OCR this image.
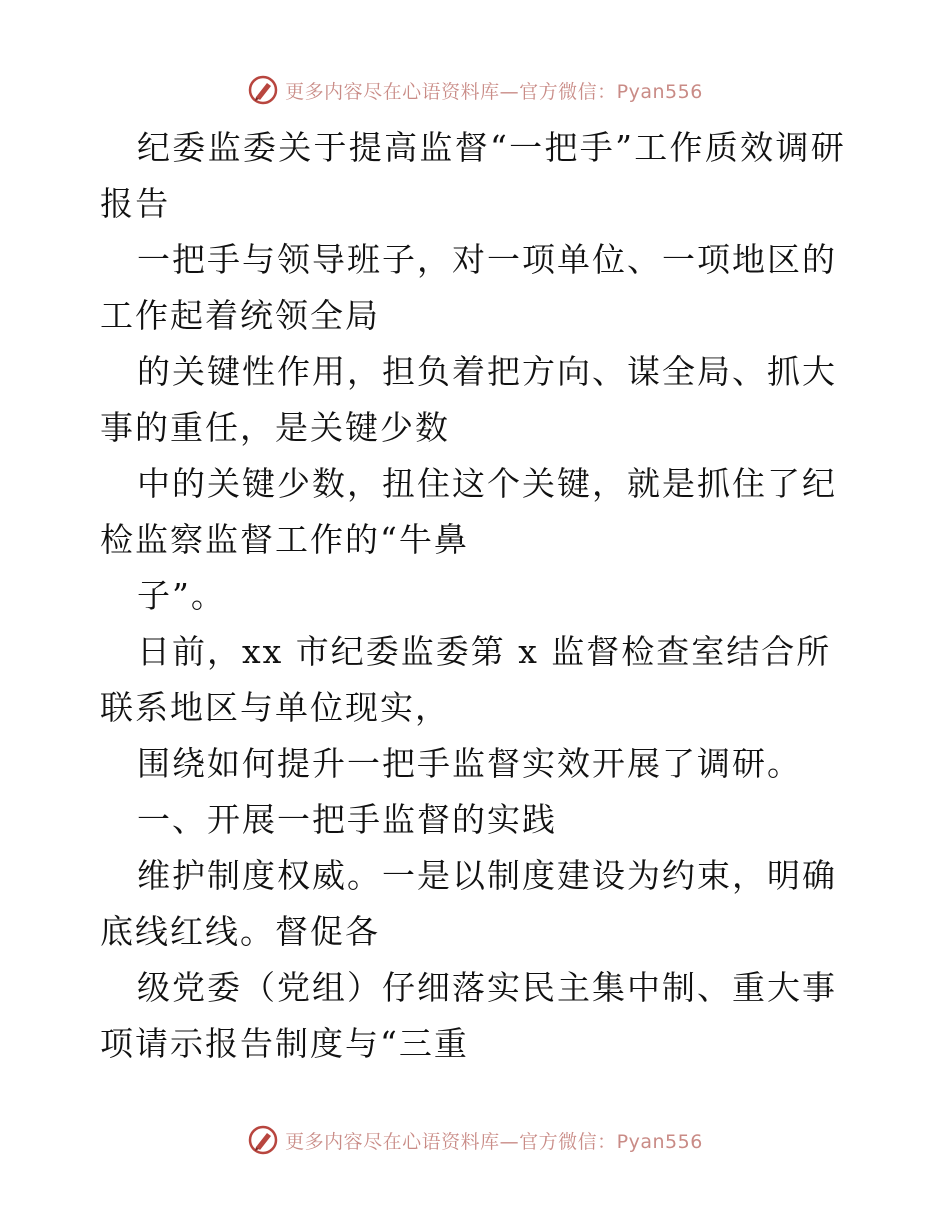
更多内容尽在心语资料库—官方微信：Pyan556

纪委监委关于提高监督“一把手”工作质效调研报告

一把手与领导班子，对一项单位、一项地区的工作起着统领全局

的关键性作用，担负着把方向、谋全局、抓大事的重任，是关键少数

中的关键少数，扭住这个关键，就是抓住了纪检监察监督工作的“牛鼻

子”。

日前，xx 市纪委监委第 x 监督检查室结合所联系地区与单位现实，

围绕如何提升一把手监督实效开展了调研。

一、开展一把手监督的实践

维护制度权威。一是以制度建设为约束，明确底线红线。督促各

级党委（党组）仔细落实民主集中制、重大事项请示报告制度与“三重

更多内容尽在心语资料库—官方微信：Pyan556
